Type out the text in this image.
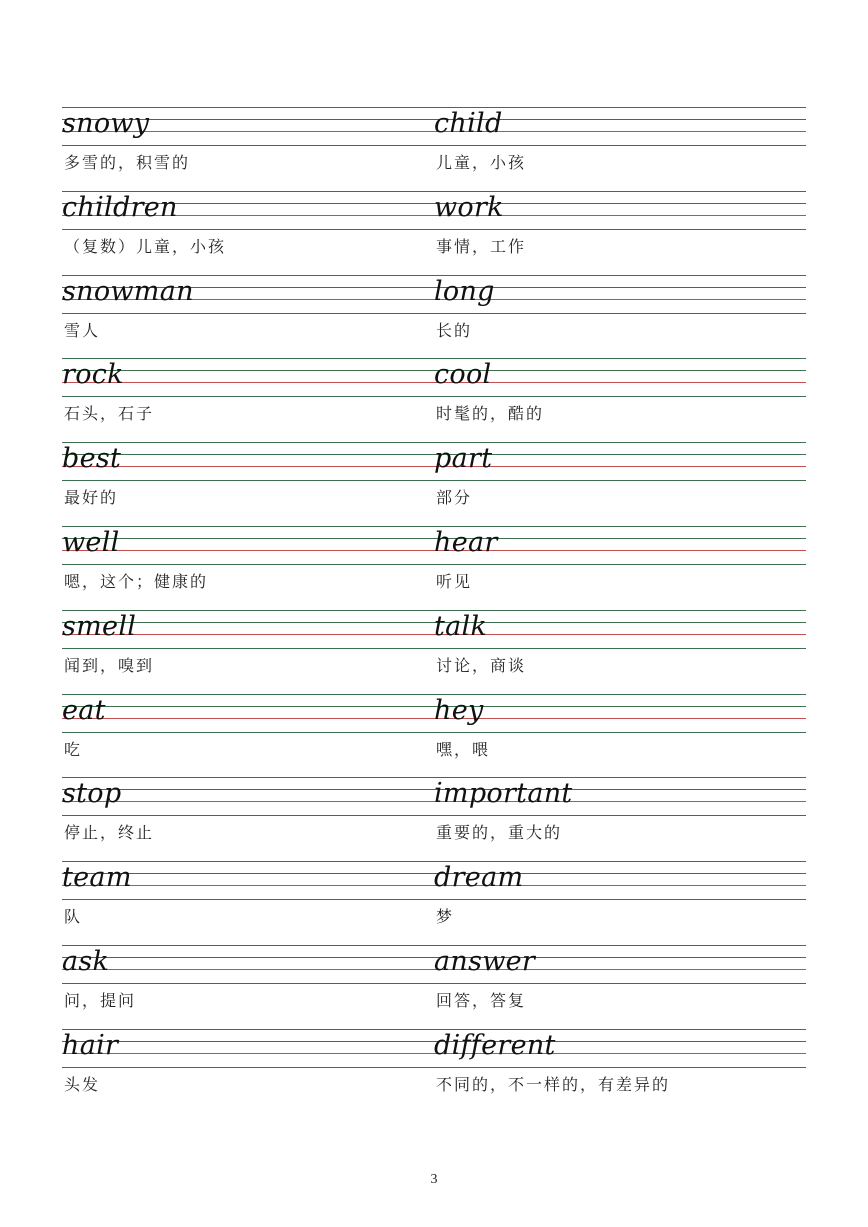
snowy
多雪的，积雪的
child
儿童，小孩
children
（复数）儿童，小孩
work
事情，工作
snowman
雪人
long
长的
rock
石头，石子
cool
时髦的，酷的
best
最好的
part
部分
well
嗯，这个；健康的
hear
听见
smell
闻到，嗅到
talk
讨论，商谈
eat
吃
hey
嘿，喂
stop
停止，终止
important
重要的，重大的
team
队
dream
梦
ask
问，提问
answer
回答，答复
hair
头发
different
不同的，不一样的，有差异的
3
